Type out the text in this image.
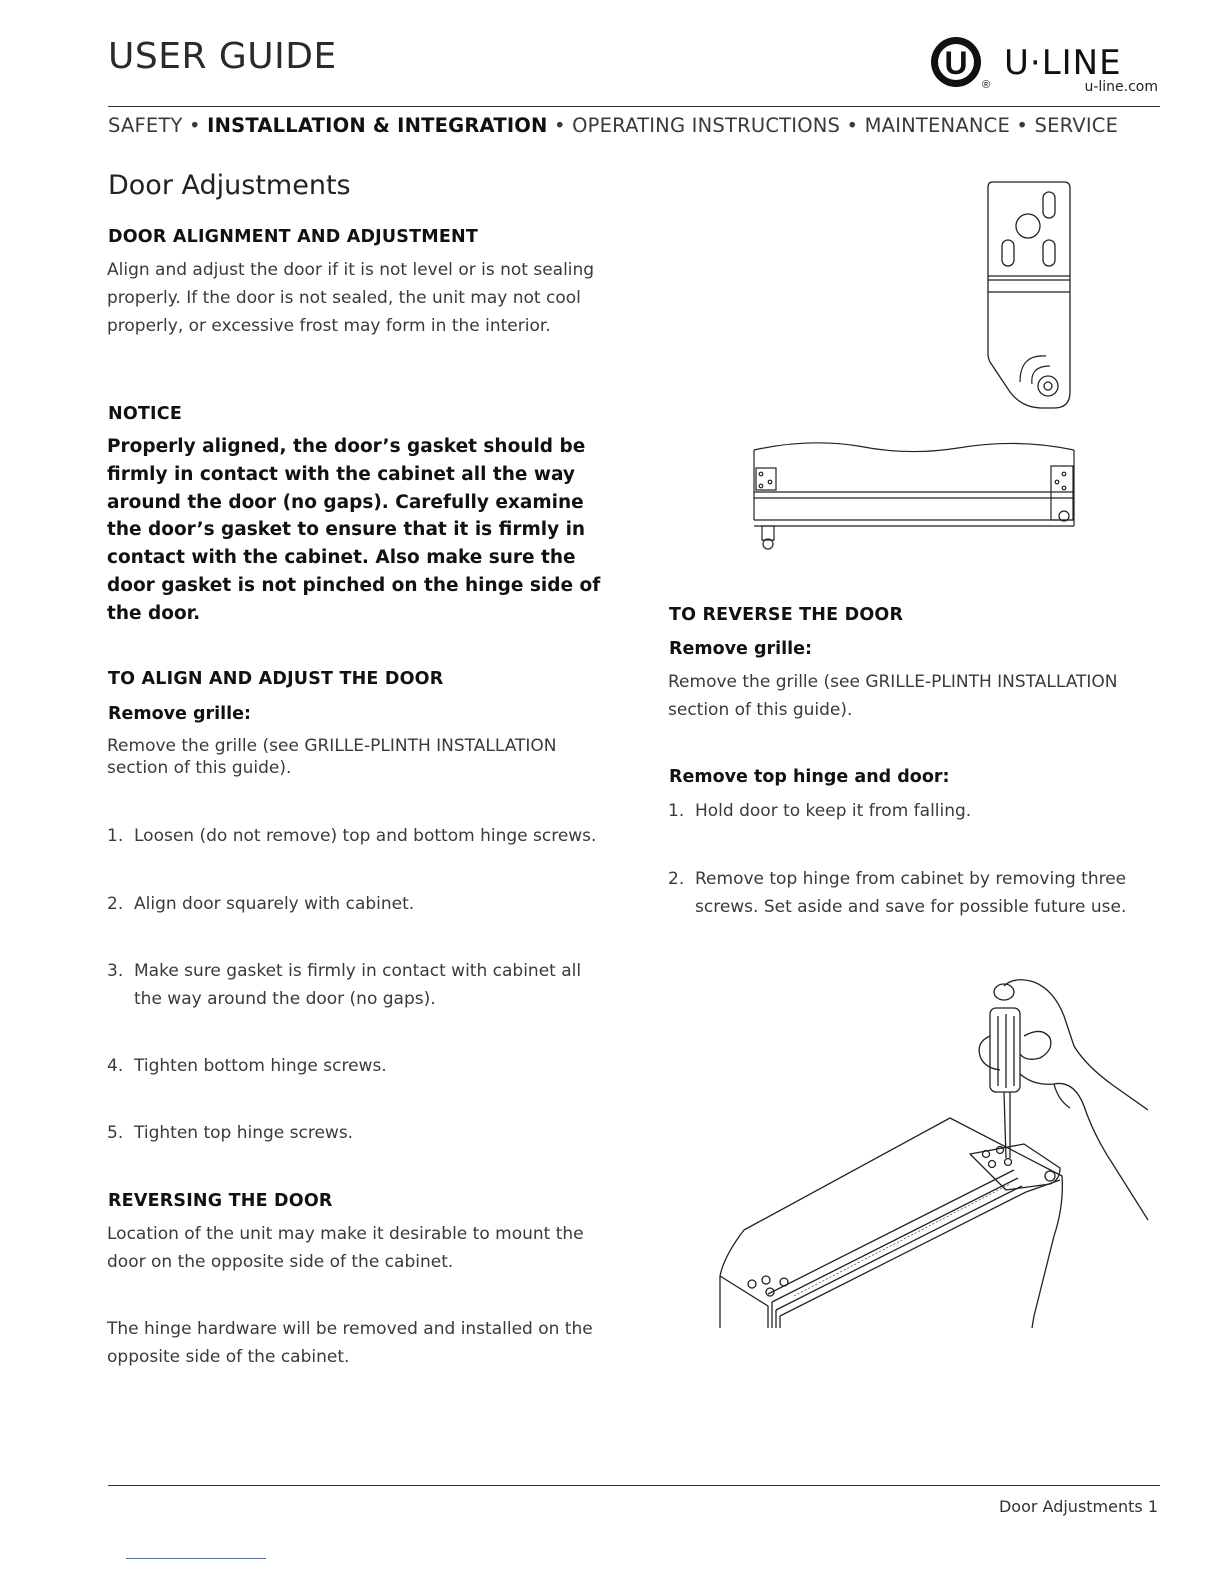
USER GUIDE	U
®
U·LINE
u-line.com
SAFETY • INSTALLATION & INTEGRATION • OPERATING INSTRUCTIONS • MAINTENANCE • SERVICE
Door Adjustments
DOOR ALIGNMENT AND ADJUSTMENT
Align and adjust the door if it is not level or is not sealing
properly. If the door is not sealed, the unit may not cool
properly, or excessive frost may form in the interior.
NOTICE
Properly aligned, the door’s gasket should be
firmly in contact with the cabinet all the way
around the door (no gaps). Carefully examine
the door’s gasket to ensure that it is firmly in
contact with the cabinet. Also make sure the
door gasket is not pinched on the hinge side of
the door.
TO ALIGN AND ADJUST THE DOOR
Remove grille:
Remove the grille (see GRILLE-PLINTH INSTALLATION
section of this guide).
1. Loosen (do not remove) top and bottom hinge screws.
2. Align door squarely with cabinet.
3. Make sure gasket is firmly in contact with cabinet all
the way around the door (no gaps).
4. Tighten bottom hinge screws.
5. Tighten top hinge screws.
REVERSING THE DOOR
Location of the unit may make it desirable to mount the
door on the opposite side of the cabinet.
The hinge hardware will be removed and installed on the
opposite side of the cabinet.
TO REVERSE THE DOOR
Remove grille:
Remove the grille (see GRILLE-PLINTH INSTALLATION
section of this guide).
Remove top hinge and door:
1. Hold door to keep it from falling.
2. Remove top hinge from cabinet by removing three
screws. Set aside and save for possible future use.
Door Adjustments 1
